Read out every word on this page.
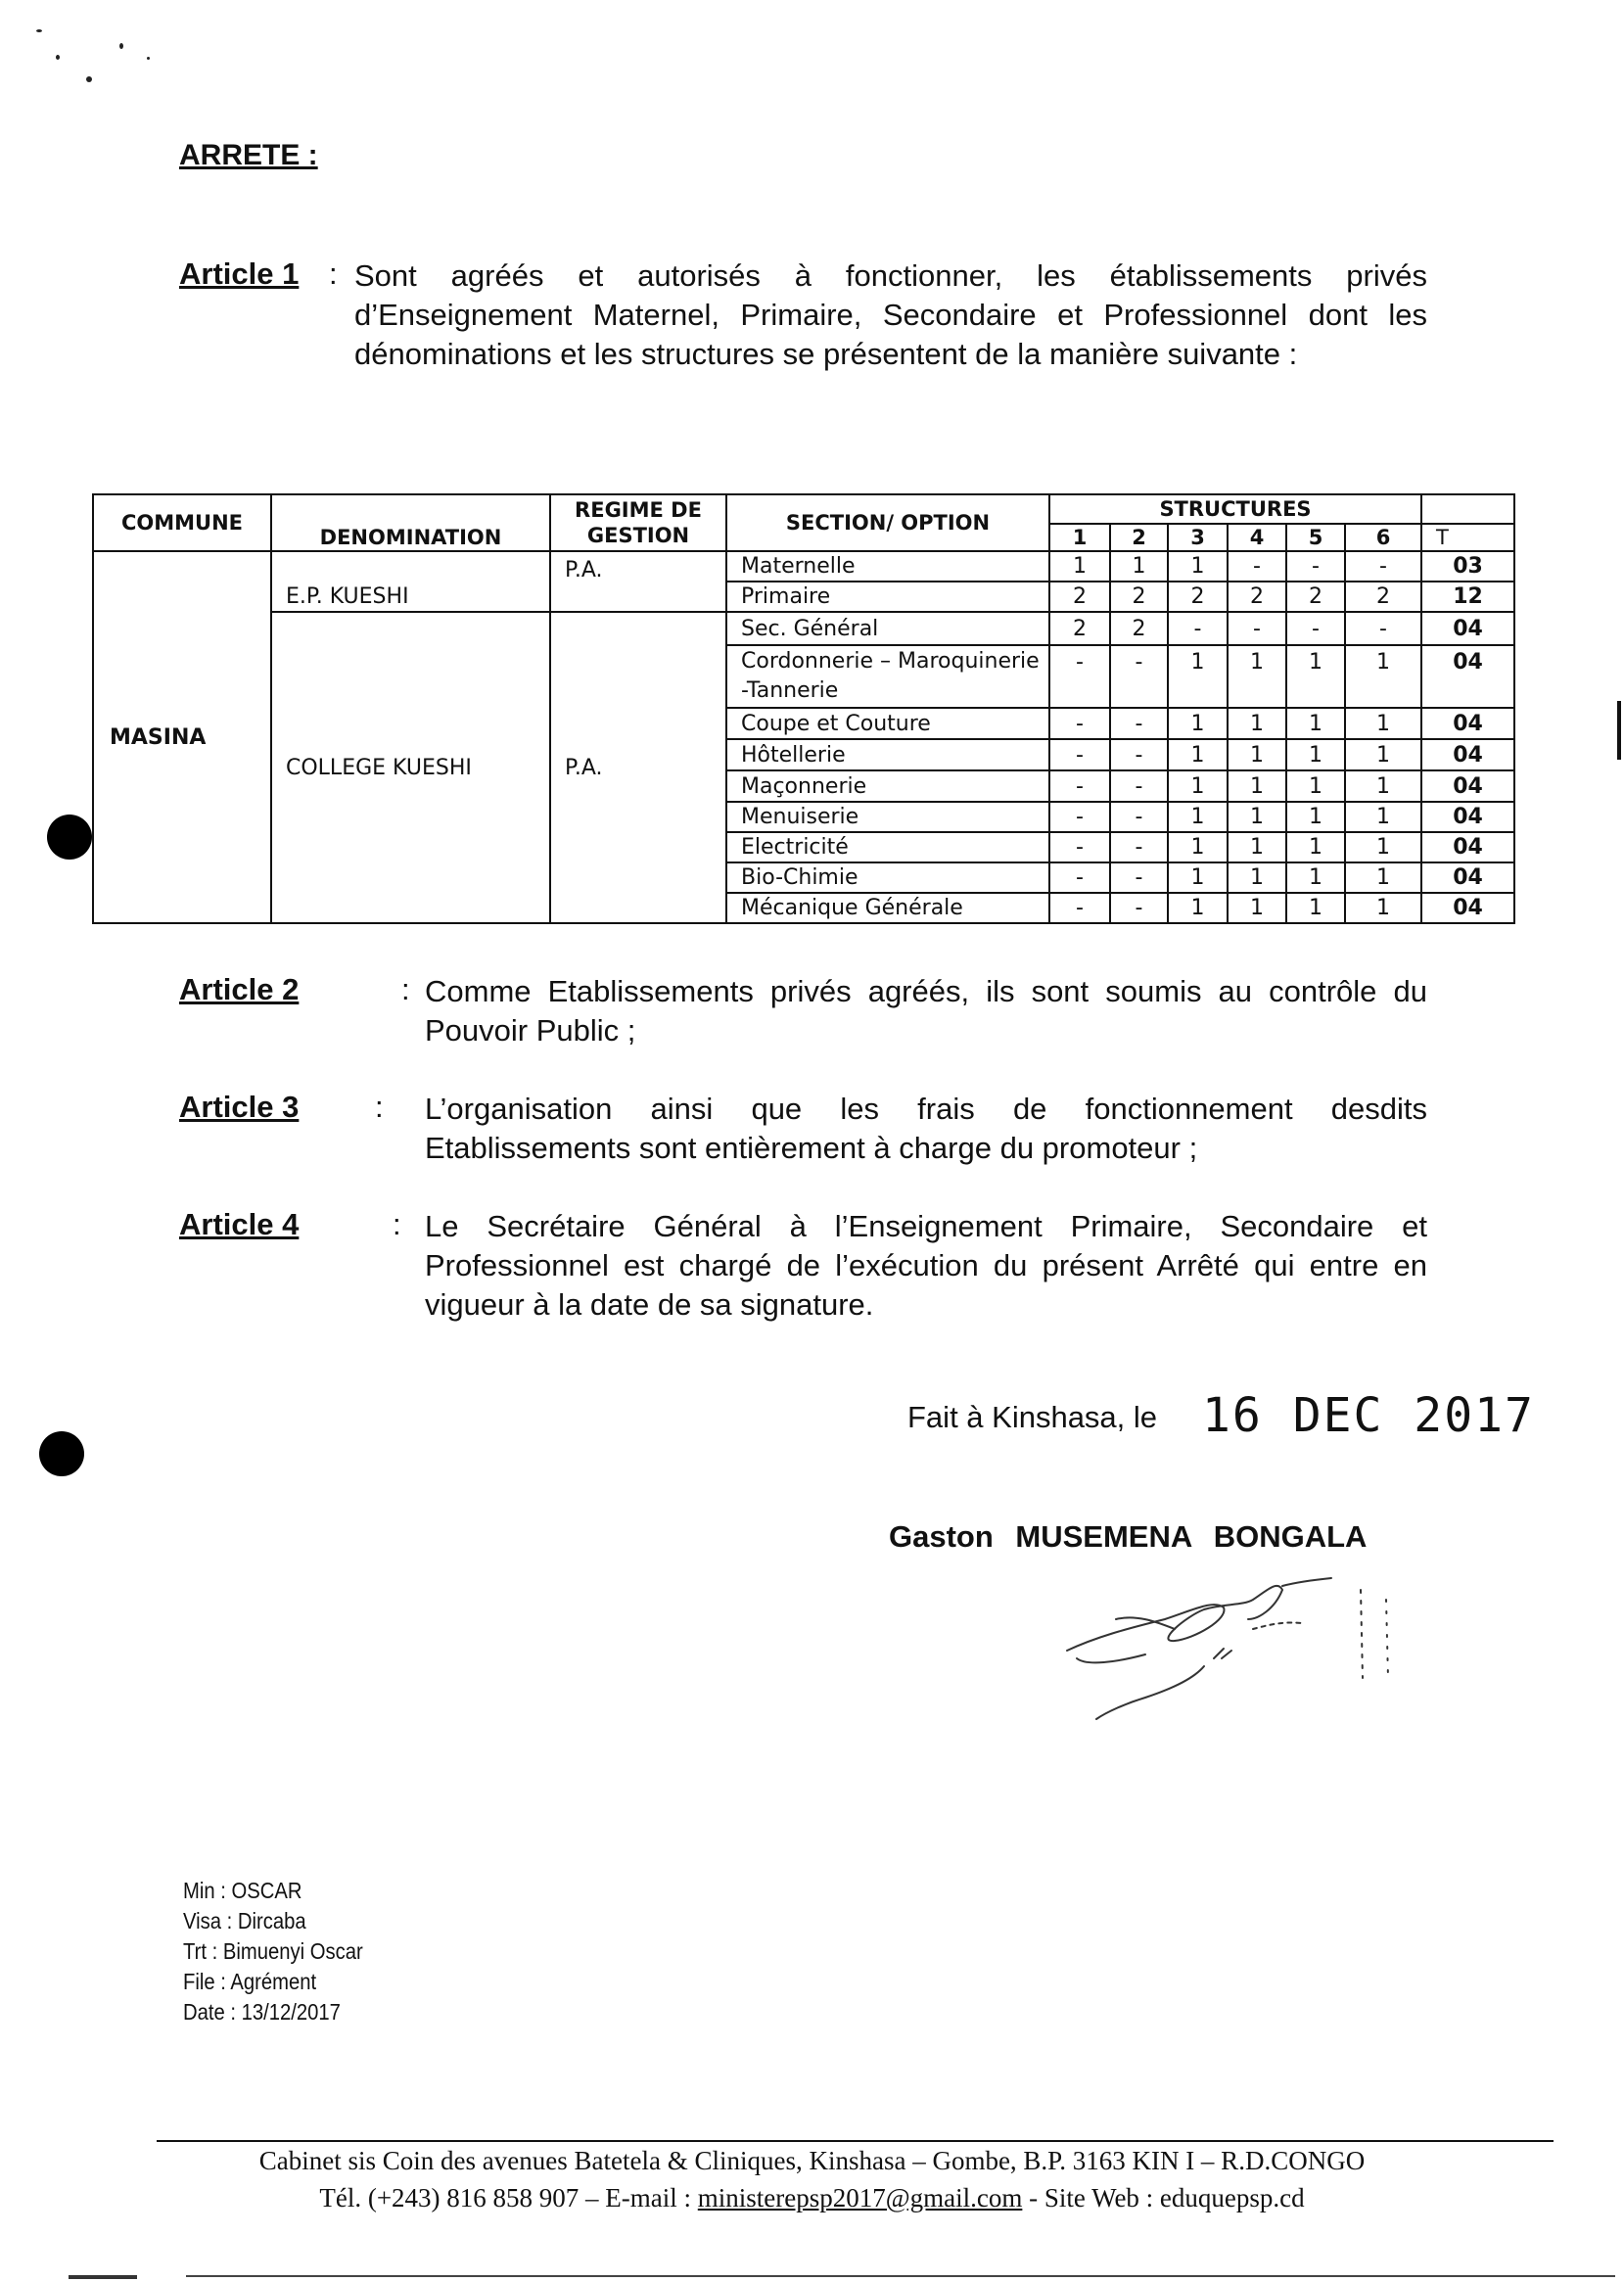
ARRETE :
Article 1 : Sont agréés et autorisés à fonctionner, les établissements privés d’Enseignement Maternel, Primaire, Secondaire et Professionnel dont les dénominations et les structures se présentent de la manière suivante :
COMMUNE	DENOMINATION	REGIME DE GESTION	SECTION/ OPTION	STRUCTURES						
				1	2	3	4	5	6	T
MASINA	E.P. KUESHI	P.A.	Maternelle	1	1	1	-	-	-	03
			Primaire	2	2	2	2	2	2	12
	COLLEGE KUESHI	P.A.	Sec. Général	2	2	-	-	-	-	04
			Cordonnerie – Maroquinerie -Tannerie	-	-	1	1	1	1	04
			Coupe et Couture	-	-	1	1	1	1	04
			Hôtellerie	-	-	1	1	1	1	04
			Maçonnerie	-	-	1	1	1	1	04
			Menuiserie	-	-	1	1	1	1	04
			Electricité	-	-	1	1	1	1	04
			Bio-Chimie	-	-	1	1	1	1	04
			Mécanique Générale	-	-	1	1	1	1	04
Article 2	: Comme Etablissements privés agréés, ils sont soumis au contrôle du Pouvoir Public ;
Article 3	: L’organisation ainsi que les frais de fonctionnement desdits Etablissements sont entièrement à charge du promoteur ;
Article 4	: Le Secrétaire Général à l’Enseignement Primaire, Secondaire et Professionnel est chargé de l’exécution du présent Arrêté qui entre en vigueur à la date de sa signature.
Fait à Kinshasa, le 16 DEC 2017
Gaston MUSEMENA BONGALA
Min : OSCAR
Visa : Dircaba
Trt : Bimuenyi Oscar
File : Agrément
Date : 13/12/2017
Cabinet sis Coin des avenues Batetela & Cliniques, Kinshasa – Gombe, B.P. 3163 KIN I – R.D.CONGO
Tél. (+243) 816 858 907 – E-mail : ministerepsp2017@gmail.com - Site Web : eduquepsp.cd
